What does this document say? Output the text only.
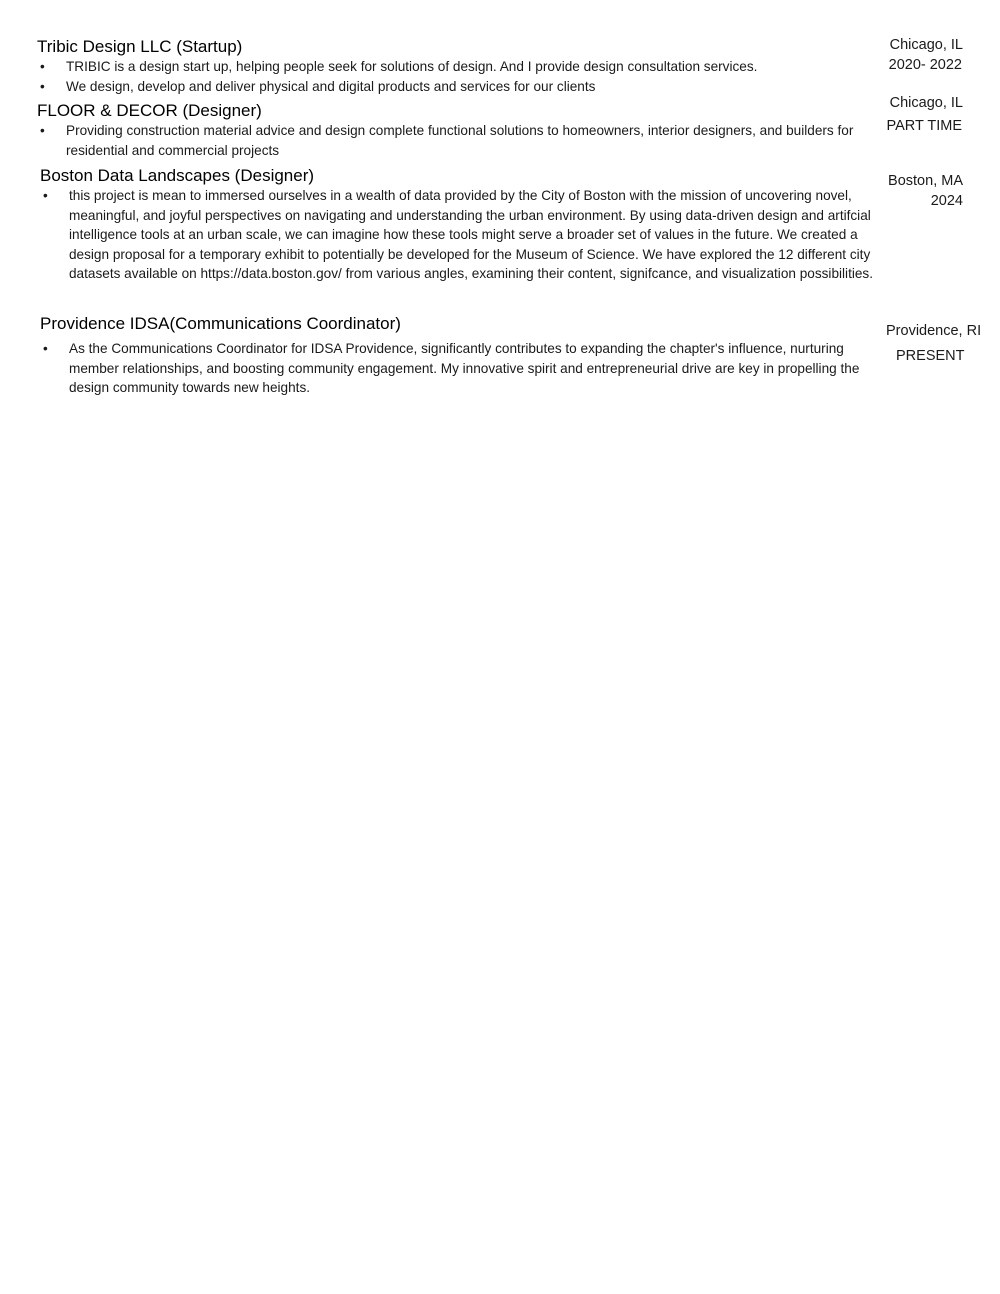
Tribic Design LLC (Startup)
• TRIBIC is a design start up, helping people seek for solutions of design. And I provide design consultation services.
• We design, develop and deliver physical and digital products and services for our clients
Chicago, IL
2020- 2022
FLOOR & DECOR (Designer)
• Providing construction material advice and design complete functional solutions to homeowners, interior designers, and builders for residential and commercial projects
Chicago, IL
PART TIME
Boston Data Landscapes (Designer)
• this project is mean to immersed ourselves in a wealth of data provided by the City of Boston with the mission of uncovering novel, meaningful, and joyful perspectives on navigating and understanding the urban environment. By using data-driven design and artifcial intelligence tools at an urban scale, we can imagine how these tools might serve a broader set of values in the future. We created a design proposal for a temporary exhibit to potentially be developed for the Museum of Science. We have explored the 12 different city datasets available on https://data.boston.gov/ from various angles, examining their content, signifcance, and visualization possibilities.
Boston, MA
2024
Providence IDSA(Communications Coordinator)
• As the Communications Coordinator for IDSA Providence, significantly contributes to expanding the chapter's influence, nurturing member relationships, and boosting community engagement. My innovative spirit and entrepreneurial drive are key in propelling the design community towards new heights.
Providence, RI
PRESENT
